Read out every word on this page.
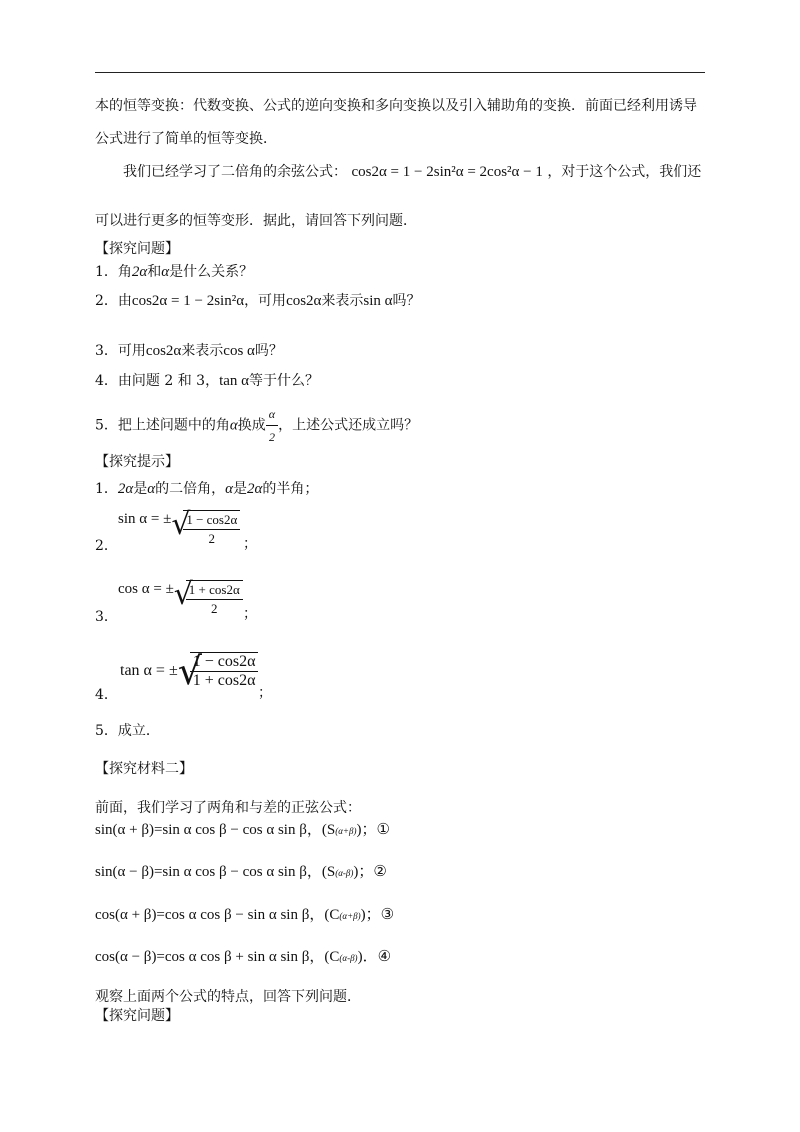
本的恒等变换：代数变换、公式的逆向变换和多向变换以及引入辅助角的变换．前面已经利用诱导
公式进行了简单的恒等变换．
我们已经学习了二倍角的余弦公式： cos2α = 1 − 2sin²α = 2cos²α − 1 ，对于这个公式，我们还
可以进行更多的恒等变形．据此，请回答下列问题．
【探究问题】
1．角2α和α是什么关系？
2．由cos2α = 1 − 2sin²α，可用cos2α来表示sin α吗？
3．可用cos2α来表示cos α吗？
4．由问题 2 和 3，tan α等于什么？
5．把上述问题中的角α换成 $\frac{\alpha}{2}$ ，上述公式还成立吗？
【探究提示】
1．2α是α的二倍角，α是2α的半角；
2．
sin α = ± √
$\frac{1 - \cos 2\alpha}{2}$ ；
3．
cos α = ± √
$\frac{1 + \cos 2\alpha}{2}$ ；
4．
tan α = ± √
$\frac{1 - \cos 2\alpha}{1 + \cos 2\alpha}$
；
5．成立．
【探究材料二】
前面，我们学习了两角和与差的正弦公式：
sin(α + β)=sin α cos β − cos α sin β，(S(α+β))；①
sin(α − β)=sin α cos β − cos α sin β，(S(α-β))；②
cos(α + β)=cos α cos β − sin α sin β，(C(α+β))；③
cos(α − β)=cos α cos β + sin α sin β，(C(α-β))．④
观察上面两个公式的特点，回答下列问题．
【探究问题】
